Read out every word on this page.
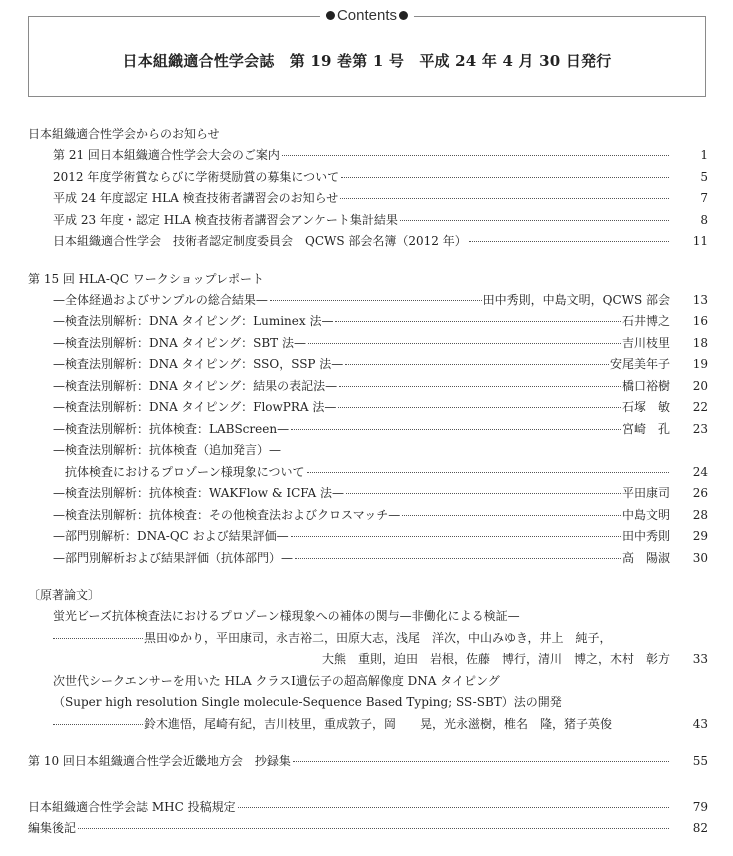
Contents
日本組織適合性学会誌　第 19 巻第 1 号　平成 24 年 4 月 30 日発行
日本組織適合性学会からのお知らせ
第 21 回日本組織適合性学会大会のご案内	1
2012 年度学術賞ならびに学術奨励賞の募集について	5
平成 24 年度認定 HLA 検査技術者講習会のお知らせ	7
平成 23 年度・認定 HLA 検査技術者講習会アンケート集計結果	8
日本組織適合性学会　技術者認定制度委員会　QCWS 部会名簿（2012 年）	11
第 15 回 HLA-QC ワークショップレポート
—全体経過およびサンプルの総合結果—	田中秀則，中島文明，QCWS 部会	13
—検査法別解析：DNA タイピング：Luminex 法—	石井博之	16
—検査法別解析：DNA タイピング：SBT 法—	吉川枝里	18
—検査法別解析：DNA タイピング：SSO，SSP 法—	安尾美年子	19
—検査法別解析：DNA タイピング：結果の表記法—	橋口裕樹	20
—検査法別解析：DNA タイピング：FlowPRA 法—	石塚　敏	22
—検査法別解析：抗体検査：LABScreen—	宮崎　孔	23
—検査法別解析：抗体検査（追加発言）—
抗体検査におけるプロゾーン様現象について	24
—検査法別解析：抗体検査：WAKFlow & ICFA 法—	平田康司	26
—検査法別解析：抗体検査：その他検査法およびクロスマッチ—	中島文明	28
—部門別解析：DNA-QC および結果評価—	田中秀則	29
—部門別解析および結果評価（抗体部門）—	高　陽淑	30
〔原著論文〕
蛍光ビーズ抗体検査法におけるプロゾーン様現象への補体の関与—非働化による検証—
黒田ゆかり，平田康司，永吉裕二，田原大志，浅尾　洋次，中山みゆき，井上　純子，
大熊　重則，迫田　岩根，佐藤　博行，清川　博之，木村　彰方	33
次世代シークエンサーを用いた HLA クラスⅠ遺伝子の超高解像度 DNA タイピング
（Super high resolution Single molecule-Sequence Based Typing; SS-SBT）法の開発
鈴木進悟，尾崎有紀，吉川枝里，重成敦子，岡　　晃，光永滋樹，椎名　隆，猪子英俊	43
第 10 回日本組織適合性学会近畿地方会　抄録集	55
日本組織適合性学会誌 MHC 投稿規定	79
編集後記	82
